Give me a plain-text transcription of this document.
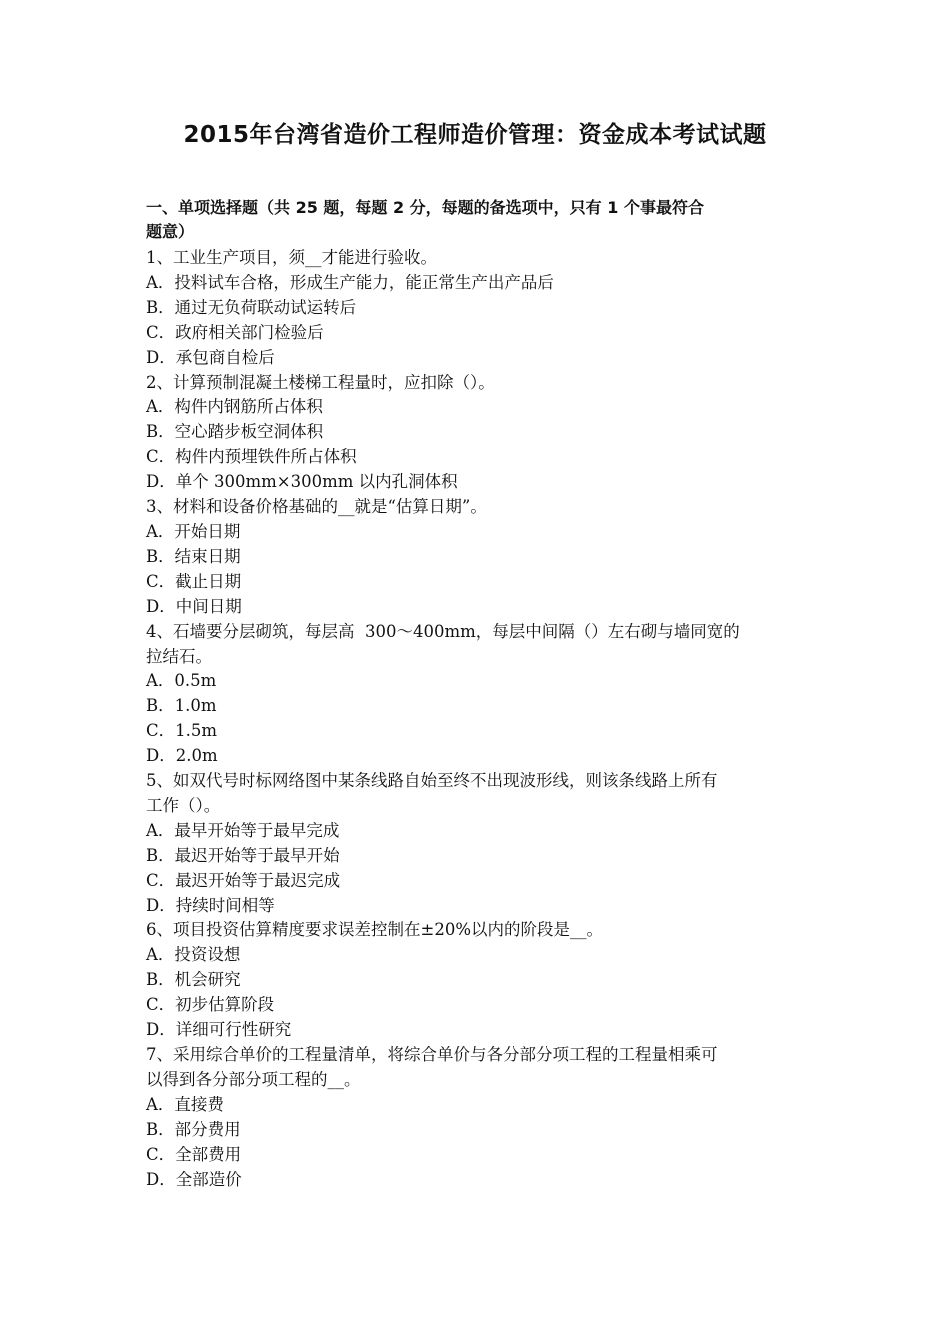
2015年台湾省造价工程师造价管理：资金成本考试试题
一、单项选择题（共 25 题，每题 2 分，每题的备选项中，只有 1 个事最符合
题意）
1、工业生产项目，须__才能进行验收。
A．投料试车合格，形成生产能力，能正常生产出产品后
B．通过无负荷联动试运转后
C．政府相关部门检验后
D．承包商自检后
2、计算预制混凝土楼梯工程量时，应扣除（）。
A．构件内钢筋所占体积
B．空心踏步板空洞体积
C．构件内预埋铁件所占体积
D．单个 300mm×300mm 以内孔洞体积
3、材料和设备价格基础的__就是“估算日期”。
A．开始日期
B．结束日期
C．截止日期
D．中间日期
4、石墙要分层砌筑，每层高  300～400mm，每层中间隔（）左右砌与墙同宽的
拉结石。
A．0.5m
B．1.0m
C．1.5m
D．2.0m
5、如双代号时标网络图中某条线路自始至终不出现波形线，则该条线路上所有
工作（）。
A．最早开始等于最早完成
B．最迟开始等于最早开始
C．最迟开始等于最迟完成
D．持续时间相等
6、项目投资估算精度要求误差控制在±20%以内的阶段是__。
A．投资设想
B．机会研究
C．初步估算阶段
D．详细可行性研究
7、采用综合单价的工程量清单，将综合单价与各分部分项工程的工程量相乘可
以得到各分部分项工程的__。
A．直接费
B．部分费用
C．全部费用
D．全部造价
